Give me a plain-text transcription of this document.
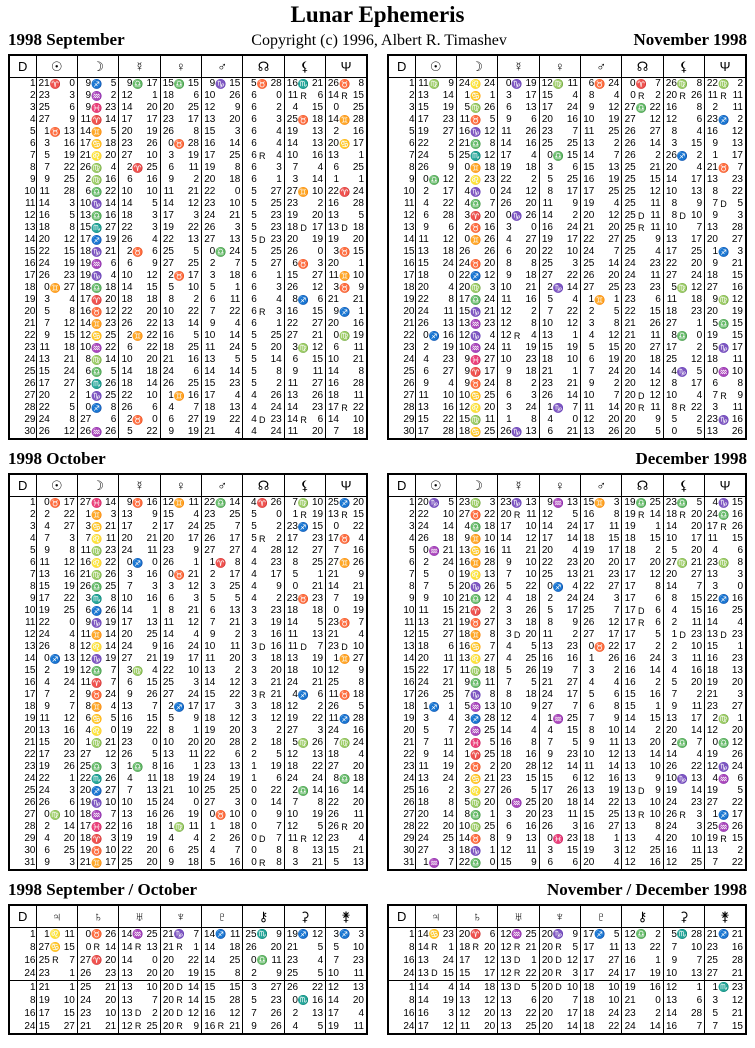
Lunar Ephemeris
1998 September	Copyright (c) 1996, Albert R. Timashev	November 1998
D	☉	☽	☿	♀	♂	☊	⚸	Ψ
1	21 ♈ 0	9 ♐ 5	9 ♎ 17	15 ♎ 15	9 ♑ 15	5 ♉ 28	16 ♏ 21	26 ♉ 8

2	23 3	9 ♒ 2	12 1	18 6	10 26	6 0	11 R 6	14 R 15

3	25 6	9 ♓ 23	14 20	20 25	12 9	6 2	4 15	0 25

4	27 9	11 ♈ 14	17 17	23 17	13 20	6 3	25 ♉ 18	14 ♊ 28

5	1 ♉ 13	14 ♊ 5	20 19	26 8	15 3	6 4	19 13	2 16

6	3 16	17 ♋ 18	23 26	0 ♉ 28	16 14	6 4	14 13	20 ♋ 17

7	5 19	21 ♌ 20	27 10	3 19	17 25	6 R 4	10 16	13 1

8	7 22	26 ♍ 4	2 ♈ 25	6 11	19 8	6 3	7 4	6 25

9	9 25	2 ♍ 16	6 16	9 2	20 18	6 1	3 14	1 1

10	11 28	6 ♎ 22	10 10	11 21	22 0	5 27	27 ♊ 10	22 ♈ 24

11	14 3	10 ♑ 14	14 5	14 12	23 10	5 25	23 2	16 28

12	16 5	13 ♎ 16	18 3	17 3	24 21	5 23	19 20	13 5

13	18 8	15 ♏ 27	22 3	19 22	26 3	5 23	18 D 17	13 D 18

14	20 12	17 ♐ 19	26 4	22 13	27 13	5 D 23	20 19	19 20

15	22 15	18 ♑ 21	2 ♉ 6	25 5	0 ♎ 24	5 25	26 0	3 ♉ 15

16	24 19	19 ♒ 6	6 9	27 25	2 7	5 27	6 ♉ 3	20 1

17	26 23	19 ♑ 4	10 12	2 ♉ 17	3 18	6 1	15 27	11 ♊ 10

18	0 ♊ 27	18 ♎ 18	14 15	5 10	5 1	6 3	26 12	3 ♉ 9

19	3 4	17 ♈ 20	18 18	8 2	6 11	6 4	8 ♐ 6	21 21

20	5 8	16 ♉ 12	22 20	10 22	7 22	6 R 3	16 15	9 ♐ 1

21	7 12	14 ♊ 23	26 22	13 14	9 4	6 1	22 27	20 16

22	9 15	12 ♋ 25	2 ♊ 22	16 5	10 14	5 25	27 21	0 ♍ 19

23	11 18	10 ♒ 22	6 22	18 25	11 24	5 20	3 ♍ 12	6 11

24	13 21	8 ♍ 14	10 20	21 16	13 5	5 14	6 15	10 21

25	15 24	6 ♎ 5	14 18	24 6	14 14	5 8	9 11	14 8

26	17 27	3 ♏ 26	18 14	26 25	15 23	5 2	11 27	16 28

27	20 2	1 ♑ 25	22 10	1 ♊ 16	17 4	4 26	13 26	18 11

28	22 5	0 ♐ 8	26 6	4 7	18 13	4 24	14 23	17 R 22

29	24 8	27 6	2 ♉ 0	6 27	19 22	4 D 23	14 R 6	14 10

30	26 12	26 ♒ 26	5 22	9 19	21 4	4 24	11 20	7 18
D	☉	☽	☿	♀	♂	☊	⚸	Ψ
1	11 ♍ 9	24 ♌ 24	0 ♑ 19	12 ♍ 11	6 ♉ 24	0 ♈ 7	26 ♍ 8	22 ♍ 2

2	13 14	1 ♋ 1	3 17	15 4	8 4	0 R 2	20 R 26	11 R 11

3	15 19	5 ♍ 26	6 13	17 24	9 12	27 ♎ 22	16 8	2 11

4	17 23	11 ♉ 5	9 6	20 16	10 19	27 12	12 6	23 ♐ 2

5	19 27	16 ♑ 12	11 26	23 7	11 25	26 27	8 4	16 12

6	22 2	21 ♎ 8	14 16	25 25	13 2	26 14	3 15	9 13

7	24 5	25 ♏ 12	17 4	0 ♎ 15	14 7	26 2	26 ♐ 2	1 17

8	26 9	0 ♊ 18	19 18	3 6	15 13	25 21	20 4	21 ♉ 7

9	0 ♎ 12	2 ♌ 23	22 2	5 25	16 19	25 15	14 17	13 23

10	2 17	4 ♑ 0	24 12	8 17	17 25	25 12	10 13	8 22

11	4 22	4 ♎ 7	26 20	11 9	19 4	25 11	8 9	7 D 5

12	6 28	3 ♈ 20	0 ♑ 26	14 2	20 12	25 D 11	8 D 10	9 3

13	9 6	2 ♉ 16	3 0	16 24	21 20	25 R 11	10 7	13 28

14	11 12	0 ♊ 26	4 27	19 17	22 27	25 9	13 17	20 27

15	13 18	26 26	6 20	22 10	24 7	25 4	17 25	1 ♐ 3

16	15 24	24 ♉ 20	8 8	25 3	25 14	24 23	22 20	9 21

17	18 0	22 ♐ 12	9 18	27 22	26 20	24 11	27 24	18 15

18	20 4	20 ♍ 3	10 21	2 ♑ 14	27 25	23 23	5 ♍ 12	27 16

19	22 8	17 ♎ 24	11 16	5 4	1 ♊ 1	23 6	11 18	9 ♍ 12

20	24 11	15 ♑ 21	12 2	7 22	2 5	22 15	18 23	20 19

21	26 13	13 ♒ 23	12 8	10 12	3 8	21 26	27 1	5 ♎ 15

22	0 ♐ 16	12 ♑ 4	12 R 4	13 1	4 12	21 11	8 ♎ 0	19 15

23	2 19	10 ♒ 24	11 19	15 19	5 15	20 27	17 2	5 ♑ 17

24	4 23	9 ♓ 27	10 23	18 10	6 19	20 18	25 12	18 11

25	6 27	9 ♈ 17	9 18	21 1	7 24	20 14	4 ♑ 5	0 ♒ 10

26	9 4	9 ♉ 24	8 2	23 21	9 2	20 12	8 17	6 8

27	11 10	10 ♋ 25	6 3	26 14	10 7	20 D 12	10 4	7 R 9

28	13 16	12 ♌ 20	3 24	1 ♑ 7	11 14	20 R 11	8 R 22	3 11

29	15 22	15 ♍ 11	1 8	4 0	12 20	20 9	5 2	23 ♑ 16

30	17 28	18 ♋ 25	26 ♑ 13	6 21	13 26	20 5	0 5	13 26
1998 October
D	☉	☽	☿	♀	♂	☊	⚸	Ψ
1	0 ♉ 17	27 ♓ 14	9 ♉ 16	12 ♊ 11	22 ♎ 14	4 ♈ 26	7 ♍ 10	25 ♐ 20

2	2 22	1 ♊ 3	13 9	15 4	23 25	5 0	1 R 19	13 R 15

3	4 27	3 ♋ 21	17 2	17 24	25 7	5 2	23 ♐ 15	0 22

4	7 3	7 ♌ 11	20 21	20 17	26 17	5 R 2	17 23	17 ♉ 4

5	9 8	11 ♍ 23	24 11	23 9	27 27	4 28	12 27	7 16

6	11 12	16 ♌ 22	0 ♐ 0	26 1	1 ♈ 8	4 23	8 25	27 ♊ 26

7	13 16	21 ♍ 26	3 16	0 ♉ 21	2 17	4 17	5 1	21 9

8	15 19	26 ♎ 25	7 3	3 12	3 25	4 9	0 21	14 21

9	17 22	3 ♏ 8	10 16	6 3	5 5	4 2	23 ♉ 23	7 19

10	19 25	6 ♐ 26	14 1	8 21	6 13	3 23	18 18	0 19

11	22 0	9 ♑ 19	17 13	11 12	7 21	3 19	14 5	23 ♉ 7

12	24 4	11 ♊ 14	20 25	14 4	9 2	3 16	11 13	21 4

13	26 8	12 ♌ 14	24 9	16 24	10 11	3 D 16	11 D 7	23 D 10

14	0 ♐ 13	12 ♑ 19	27 21	19 17	11 20	3 18	13 19	1 ♊ 27

15	2 19	12 ♎ 7	3 ♍ 4	22 10	13 2	3 20	18 10	12 9

16	4 24	11 ♈ 7	6 15	25 3	14 12	3 21	24 21	25 8

17	7 2	9 ♉ 24	9 26	27 24	15 22	3 R 21	4 ♐ 6	11 ♉ 18

18	9 7	8 ♊ 4	13 7	2 ♐ 17	17 3	3 18	12 2	26 5

19	11 12	6 ♋ 5	16 15	5 9	18 12	3 12	19 22	11 ♐ 28

20	13 16	4 ♌ 0	19 22	8 1	19 20	3 2	27 3	24 16

21	15 20	1 ♍ 21	23 0	10 20	20 28	2 18	5 ♍ 26	7 ♍ 24

22	17 23	27 12	26 5	13 11	22 6	2 5	12 13	18 4

23	19 26	25 ♎ 3	1 ♎ 8	16 1	23 13	1 19	18 22	27 20

24	22 1	22 ♏ 26	4 11	18 19	24 19	1 6	24 24	8 ♎ 18

25	24 3	20 ♐ 27	7 13	21 10	25 25	0 22	2 ♎ 14	16 14

26	26 6	19 ♑ 10	10 15	24 0	27 3	0 14	7 8	22 20

27	0 ♍ 10	18 ♒ 7	13 16	26 19	0 ♉ 10	0 9	10 19	26 11

28	2 14	17 ♓ 22	16 18	1 ♍ 11	1 18	0 7	12 5	26 R 20

29	4 20	18 ♈ 3	19 19	4 4	2 26	0 D 7	11 R 12	23 4

30	6 25	19 ♉ 10	22 20	6 25	4 7	0 8	8 13	15 21

31	9 3	21 ♊ 17	25 20	9 18	5 16	0 R 8	3 21	5 13
December 1998
D	☉	☽	☿	♀	♂	☊	⚸	Ψ
1	20 ♑ 5	23 ♍ 3	23 ♑ 13	9 ♒ 13	15 ♊ 3	19 ♎ 25	23 ♎ 5	4 ♑ 15

2	22 10	27 ♉ 22	20 R 11	12 5	16 8	19 R 14	18 R 20	24 ♎ 16

3	24 14	4 ♎ 18	17 10	14 24	17 11	19 1	14 20	17 R 26

4	26 18	9 ♊ 10	14 12	17 14	18 15	18 15	10 17	11 15

5	0 ♒ 21	13 ♋ 16	11 21	20 4	19 17	18 2	5 20	4 6

6	2 24	16 ♊ 28	9 10	22 23	20 20	17 20	27 ♍ 21	23 ♍ 8

7	5 0	19 ♌ 13	7 10	25 13	21 23	17 12	20 27	13 3

8	7 5	20 ♑ 26	5 22	0 ♐ 4	22 27	17 8	14 7	3 0

9	9 10	21 ♎ 12	4 18	2 24	24 3	17 6	8 15	22 ♐ 16

10	11 15	21 ♈ 2	3 26	5 17	25 7	17 D 6	4 15	16 25

11	13 21	19 ♉ 27	3 18	8 9	26 12	17 R 6	2 11	14 4

12	15 27	18 ♊ 8	3 D 20	11 2	27 17	17 5	1 D 23	13 D 23

13	18 6	16 ♋ 7	4 5	13 23	0 ♉ 22	17 2	2 10	15 1

14	20 11	13 ♌ 27	4 25	16 16	1 26	16 24	3 11	16 23

15	22 17	11 ♍ 18	5 26	19 7	3 2	16 14	4 16	18 13

16	24 21	9 ♎ 11	7 5	21 27	4 4	16 2	5 20	19 20

17	26 25	7 ♑ 8	8 18	24 17	5 6	15 16	7 2	21 3

18	1 ♐ 1	5 ♒ 13	10 9	27 7	6 8	15 1	9 11	23 27

19	3 4	3 ♐ 28	12 4	1 ♒ 25	7 9	14 15	13 17	2 ♍ 1

20	5 7	2 ♒ 25	14 4	4 15	8 10	14 2	20 14	12 20

21	7 11	2 ♓ 5	16 8	7 5	9 11	13 20	2 ♎ 7	0 ♎ 12

22	9 14	1 ♈ 25	18 16	9 23	10 12	13 14	14 4	19 26

23	11 19	2 ♉ 2	20 28	12 14	11 14	13 10	26 22	12 ♑ 24

24	13 24	2 ♋ 21	23 15	15 6	12 16	13 9	10 ♑ 13	4 ♒ 6

25	16 2	3 ♌ 27	26 5	17 26	13 19	13 D 9	19 14	19 5

26	18 8	5 ♍ 20	0 ♒ 25	20 18	14 22	13 10	24 23	27 22

27	20 14	8 ♎ 1	3 20	23 11	15 25	13 R 10	26 R 3	1 ♐ 17

28	22 20	10 ♍ 25	6 16	26 3	16 27	13 8	24 3	25 ♒ 26

29	24 25	14 ♉ 8	9 13	0 ♓ 23	18 1	13 4	20 10	19 R 15

30	27 3	18 ♑ 1	12 11	3 15	19 3	12 25	16 11	13 2

31	1 ♒ 7	22 ♎ 0	15 9	6 6	20 4	12 16	12 25	7 22
1998 September / October
D	♃	♄	♅	♆	♇	⚷	⚳	⚵
1	1 ♌ 11	0 ♉ 26	14 ♒ 25	21 ♑ 7	14 ♐ 11	25 ♏ 9	19 ♐ 12	3 ♐ 3

8	27 ♋ 15	0 R 14	14 R 13	21 R 1	14 18	26 20	21 5	5 10

16	25 R 7	27 ♈ 20	14 0	20 22	14 25	0 ♎ 11	23 4	7 23

24	23 1	26 23	13 20	20 19	15 8	2 9	25 5	10 11

1	21 1	25 21	13 10	20 D 14	15 15	3 27	26 22	12 13

8	19 10	24 20	13 7	20 R 14	15 28	5 23	0 ♏ 16	14 20

16	17 15	23 10	13 D 2	20 D 12	16 12	7 26	2 13	17 4

24	15 27	21 21	12 R 25	20 R 9	16 R 21	9 26	4 5	19 11
November / December 1998
D	♃	♄	♅	♆	♇	⚷	⚳	⚵
1	14 ♋ 23	20 ♈ 6	12 ♒ 25	20 ♑ 9	17 ♐ 5	12 ♎ 2	5 ♏ 28	21 ♐ 21

8	14 R 1	18 R 20	12 R 21	20 R 5	17 11	13 22	7 10	23 16

16	13 24	17 12	13 D 1	20 D 12	17 27	16 1	9 7	25 28

24	13 D 15	15 17	12 R 22	20 R 3	17 24	17 19	10 13	27 21

1	14 4	14 18	13 D 5	20 D 10	18 10	19 16	12 1	1 ♏ 23

8	14 19	13 12	13 6	20 7	18 10	21 0	13 6	3 12

16	16 3	12 20	13 22	20 17	18 24	23 2	14 28	5 21

24	17 12	11 20	13 25	20 14	18 22	24 14	16 7	7 15
